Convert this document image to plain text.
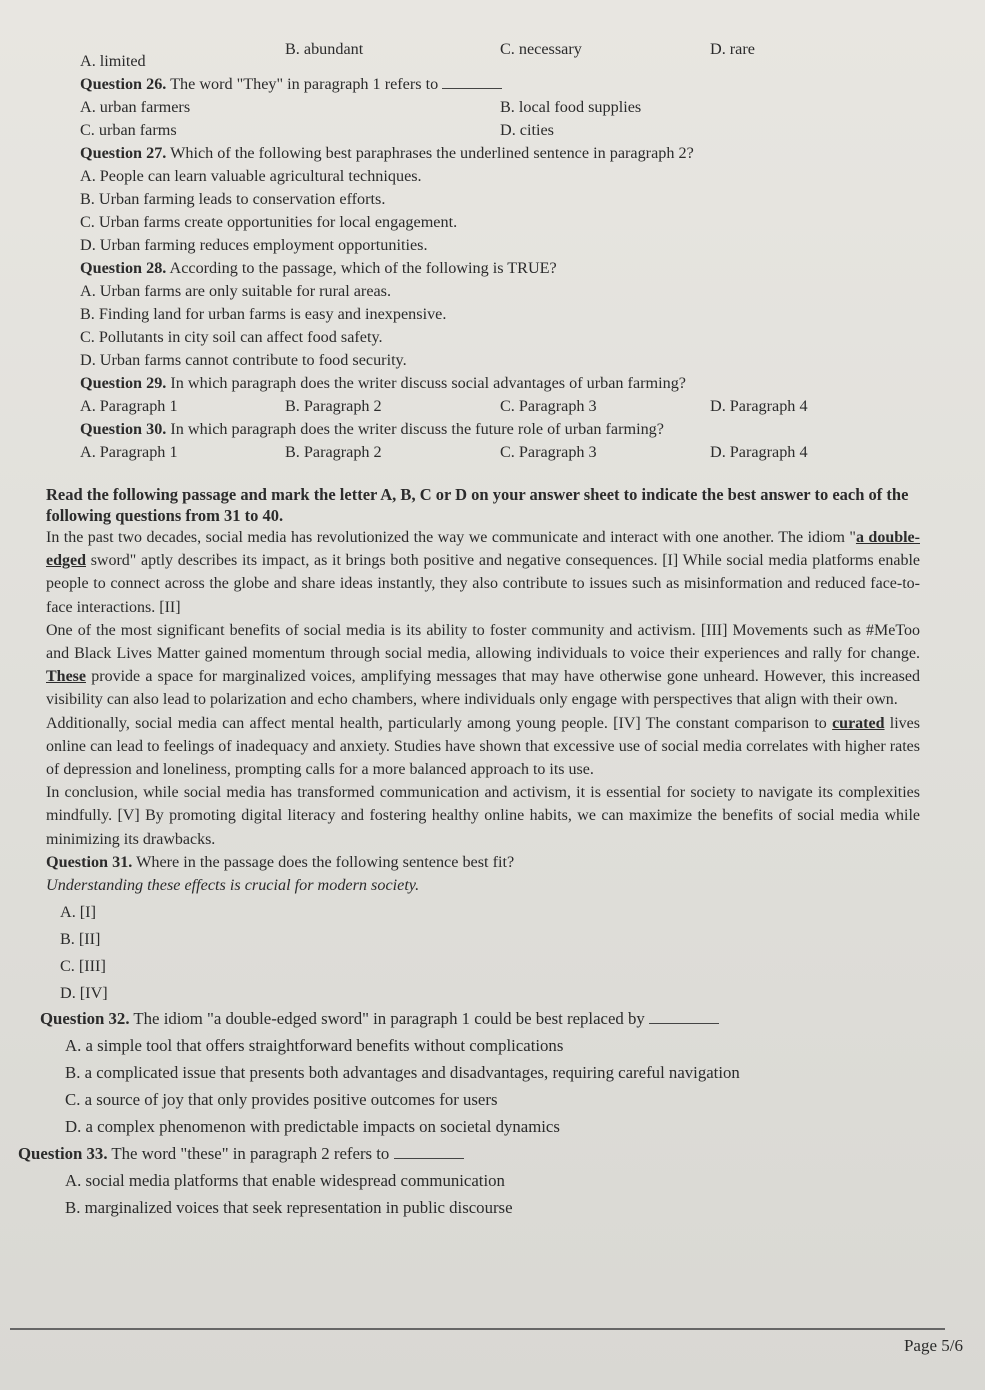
A. limited
B. abundant	C. necessary	D. rare
Question 26. The word "They" in paragraph 1 refers to
A. urban farmers	B. local food supplies
C. urban farms	D. cities
Question 27. Which of the following best paraphrases the underlined sentence in paragraph 2?
A. People can learn valuable agricultural techniques.
B. Urban farming leads to conservation efforts.
C. Urban farms create opportunities for local engagement.
D. Urban farming reduces employment opportunities.
Question 28. According to the passage, which of the following is TRUE?
A. Urban farms are only suitable for rural areas.
B. Finding land for urban farms is easy and inexpensive.
C. Pollutants in city soil can affect food safety.
D. Urban farms cannot contribute to food security.
Question 29. In which paragraph does the writer discuss social advantages of urban farming?
A. Paragraph 1	B. Paragraph 2	C. Paragraph 3	D. Paragraph 4
Question 30. In which paragraph does the writer discuss the future role of urban farming?
A. Paragraph 1	B. Paragraph 2	C. Paragraph 3	D. Paragraph 4
Read the following passage and mark the letter A, B, C or D on your answer sheet to indicate the best answer to each of the following questions from 31 to 40.

In the past two decades, social media has revolutionized the way we communicate and interact with one another. The idiom "a double-edged sword" aptly describes its impact, as it brings both positive and negative consequences. [I] While social media platforms enable people to connect across the globe and share ideas instantly, they also contribute to issues such as misinformation and reduced face-to-face interactions. [II]

One of the most significant benefits of social media is its ability to foster community and activism. [III] Movements such as #MeToo and Black Lives Matter gained momentum through social media, allowing individuals to voice their experiences and rally for change. These provide a space for marginalized voices, amplifying messages that may have otherwise gone unheard. However, this increased visibility can also lead to polarization and echo chambers, where individuals only engage with perspectives that align with their own.

Additionally, social media can affect mental health, particularly among young people. [IV] The constant comparison to curated lives online can lead to feelings of inadequacy and anxiety. Studies have shown that excessive use of social media correlates with higher rates of depression and loneliness, prompting calls for a more balanced approach to its use.

In conclusion, while social media has transformed communication and activism, it is essential for society to navigate its complexities mindfully. [V] By promoting digital literacy and fostering healthy online habits, we can maximize the benefits of social media while minimizing its drawbacks.

Question 31. Where in the passage does the following sentence best fit?
Understanding these effects is crucial for modern society.
A. [I]
B. [II]
C. [III]
D. [IV]
Question 32. The idiom "a double-edged sword" in paragraph 1 could be best replaced by
A. a simple tool that offers straightforward benefits without complications
B. a complicated issue that presents both advantages and disadvantages, requiring careful navigation
C. a source of joy that only provides positive outcomes for users
D. a complex phenomenon with predictable impacts on societal dynamics
Question 33. The word "these" in paragraph 2 refers to
A. social media platforms that enable widespread communication
B. marginalized voices that seek representation in public discourse
Page 5/6
